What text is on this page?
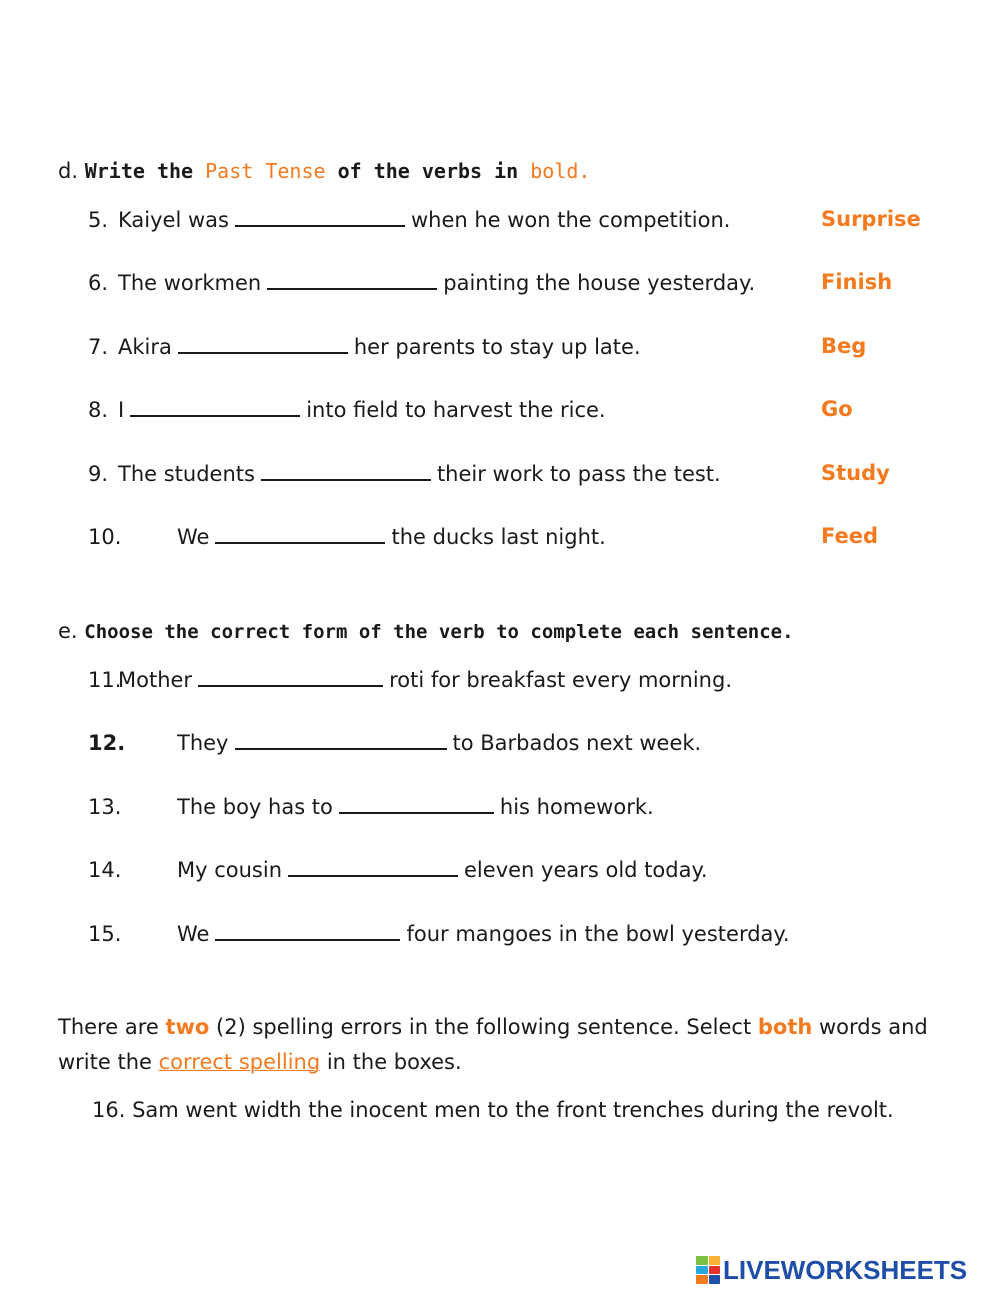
d. Write the Past Tense of the verbs in bold.
5. Kaiyel was	when he won the competition.	Surprise
6. The workmen	painting the house yesterday.	Finish
7. Akira	her parents to stay up late.	Beg
8. I	into field to harvest the rice.	Go
9. The students	their work to pass the test.	Study
10.	We	the ducks last night.	Feed
e. Choose the correct form of the verb to complete each sentence.
11.Mother	roti for breakfast every morning.
12. They	to Barbados next week.
13.	The boy has to	his homework.
14.	My cousin	eleven years old today.
15.	We	four mangoes in the bowl yesterday.
There are two (2) spelling errors in the following sentence. Select both words and
write the correct spelling in the boxes.
16. Sam went width the inocent men to the front trenches during the revolt.
LIVEWORKSHEETS
